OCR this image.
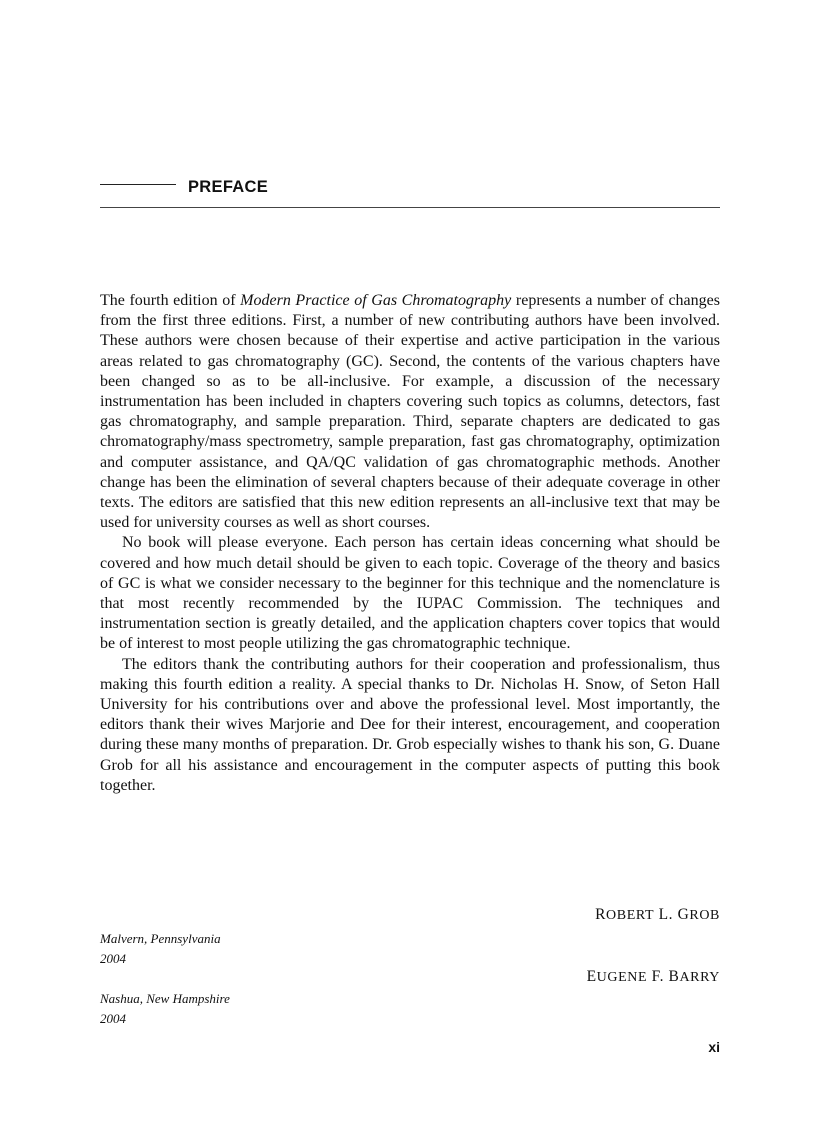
PREFACE

The fourth edition of Modern Practice of Gas Chromatography represents a number of changes from the first three editions. First, a number of new contributing authors have been involved. These authors were chosen because of their expertise and active participation in the various areas related to gas chromatography (GC). Second, the contents of the various chapters have been changed so as to be all-inclusive. For example, a discussion of the necessary instrumentation has been included in chapters covering such topics as columns, detectors, fast gas chromatography, and sample preparation. Third, separate chapters are dedicated to gas chromatography/mass spectrometry, sample preparation, fast gas chromatography, optimization and computer assistance, and QA/QC validation of gas chromatographic methods. Another change has been the elimination of several chapters because of their adequate coverage in other texts. The editors are satisfied that this new edition represents an all-inclusive text that may be used for university courses as well as short courses.

No book will please everyone. Each person has certain ideas concerning what should be covered and how much detail should be given to each topic. Coverage of the theory and basics of GC is what we consider necessary to the beginner for this technique and the nomenclature is that most recently recommended by the IUPAC Commission. The techniques and instrumentation section is greatly detailed, and the application chapters cover topics that would be of interest to most people utilizing the gas chromatographic technique.

The editors thank the contributing authors for their cooperation and professionalism, thus making this fourth edition a reality. A special thanks to Dr. Nicholas H. Snow, of Seton Hall University for his contributions over and above the professional level. Most importantly, the editors thank their wives Marjorie and Dee for their interest, encouragement, and cooperation during these many months of preparation. Dr. Grob especially wishes to thank his son, G. Duane Grob for all his assistance and encouragement in the computer aspects of putting this book together.

ROBERT L. GROB
Malvern, Pennsylvania
2004
EUGENE F. BARRY
Nashua, New Hampshire
2004
xi
